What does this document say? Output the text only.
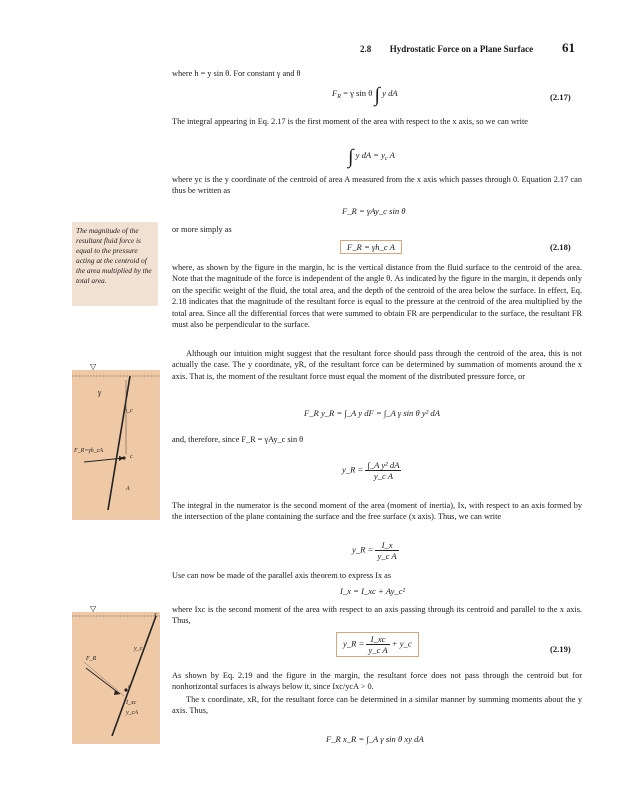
2.8 Hydrostatic Force on a Plane Surface 61
where h = y sin θ. For constant γ and θ
$F_R = \gamma$ sin θ ∫ y dA	(2.17)
The integral appearing in Eq. 2.17 is the first moment of the area with respect to the x axis, so we can write
∫ y dA = $y_c$ A
where yc is the y coordinate of the centroid of area A measured from the x axis which passes through 0. Equation 2.17 can thus be written as
F_R = γAy_c sin θ
The magnitude of the resultant fluid force is equal to the pressure acting at the centroid of the area multiplied by the total area.
or more simply as
F_R = γh_c A	(2.18)
where, as shown by the figure in the margin, hc is the vertical distance from the fluid surface to the centroid of the area. Note that the magnitude of the force is independent of the angle θ. As indicated by the figure in the margin, it depends only on the specific weight of the fluid, the total area, and the depth of the centroid of the area below the surface. In effect, Eq. 2.18 indicates that the magnitude of the resultant force is equal to the pressure at the centroid of the area multiplied by the total area. Since all the differential forces that were summed to obtain FR are perpendicular to the surface, the resultant FR must also be perpendicular to the surface.
Although our intuition might suggest that the resultant force should pass through the centroid of the area, this is not actually the case. The y coordinate, yR, of the resultant force can be determined by summation of moments around the x axis. That is, the moment of the resultant force must equal the moment of the distributed pressure force, or
F_R y_R = ∫_A y dF = ∫_A γ sin θ y² dA
and, therefore, since F_R = γAy_c sin θ
y_R = $\frac{\text{∫\_A y² dA}}{\text{y\_c A}}$
The integral in the numerator is the second moment of the area (moment of inertia), Ix, with respect to an axis formed by the intersection of the plane containing the surface and the free surface (x axis). Thus, we can write
y_R = $\frac{I\_x}{\text{y\_c A}}$
Use can now be made of the parallel axis theorem to express Ix as
I_x = I_xc + Ay_c²
where Ixc is the second moment of the area with respect to an axis passing through its centroid and parallel to the x axis. Thus,
y_R = $\frac{I\_xc}{\text{y\_c A}}$ + y_c
(2.19)
As shown by Eq. 2.19 and the figure in the margin, the resultant force does not pass through the centroid but for nonhorizontal surfaces is always below it, since Ixc/ycA > 0.
The x coordinate, xR, for the resultant force can be determined in a similar manner by summing moments about the y axis. Thus,
F_R x_R = ∫_A γ sin θ xy dA
▽
γ
h_c
F_R=γh_cA
c
A
▽
x
y_c
F_R
c
I_xc
y_cA
